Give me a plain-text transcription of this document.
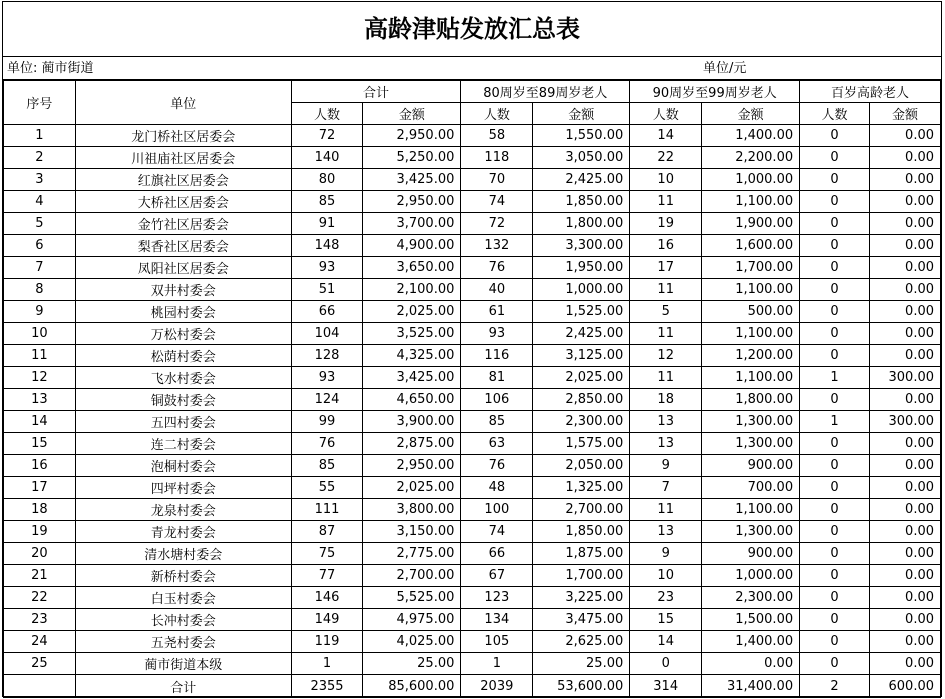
高龄津贴发放汇总表
单位: 蔺市街道	单位/元
序号	单位	合计		80周岁至89周岁老人		90周岁至99周岁老人		百岁高龄老人	
		人数	金额	人数	金额	人数	金额	人数	金额
1	龙门桥社区居委会	72	2,950.00	58	1,550.00	14	1,400.00	0	0.00
2	川祖庙社区居委会	140	5,250.00	118	3,050.00	22	2,200.00	0	0.00
3	红旗社区居委会	80	3,425.00	70	2,425.00	10	1,000.00	0	0.00
4	大桥社区居委会	85	2,950.00	74	1,850.00	11	1,100.00	0	0.00
5	金竹社区居委会	91	3,700.00	72	1,800.00	19	1,900.00	0	0.00
6	梨香社区居委会	148	4,900.00	132	3,300.00	16	1,600.00	0	0.00
7	凤阳社区居委会	93	3,650.00	76	1,950.00	17	1,700.00	0	0.00
8	双井村委会	51	2,100.00	40	1,000.00	11	1,100.00	0	0.00
9	桃园村委会	66	2,025.00	61	1,525.00	5	500.00	0	0.00
10	万松村委会	104	3,525.00	93	2,425.00	11	1,100.00	0	0.00
11	松荫村委会	128	4,325.00	116	3,125.00	12	1,200.00	0	0.00
12	飞水村委会	93	3,425.00	81	2,025.00	11	1,100.00	1	300.00
13	铜鼓村委会	124	4,650.00	106	2,850.00	18	1,800.00	0	0.00
14	五四村委会	99	3,900.00	85	2,300.00	13	1,300.00	1	300.00
15	连二村委会	76	2,875.00	63	1,575.00	13	1,300.00	0	0.00
16	泡桐村委会	85	2,950.00	76	2,050.00	9	900.00	0	0.00
17	四坪村委会	55	2,025.00	48	1,325.00	7	700.00	0	0.00
18	龙泉村委会	111	3,800.00	100	2,700.00	11	1,100.00	0	0.00
19	青龙村委会	87	3,150.00	74	1,850.00	13	1,300.00	0	0.00
20	清水塘村委会	75	2,775.00	66	1,875.00	9	900.00	0	0.00
21	新桥村委会	77	2,700.00	67	1,700.00	10	1,000.00	0	0.00
22	白玉村委会	146	5,525.00	123	3,225.00	23	2,300.00	0	0.00
23	长冲村委会	149	4,975.00	134	3,475.00	15	1,500.00	0	0.00
24	五尧村委会	119	4,025.00	105	2,625.00	14	1,400.00	0	0.00
25	蔺市街道本级	1	25.00	1	25.00	0	0.00	0	0.00
	合计	2355	85,600.00	2039	53,600.00	314	31,400.00	2	600.00
